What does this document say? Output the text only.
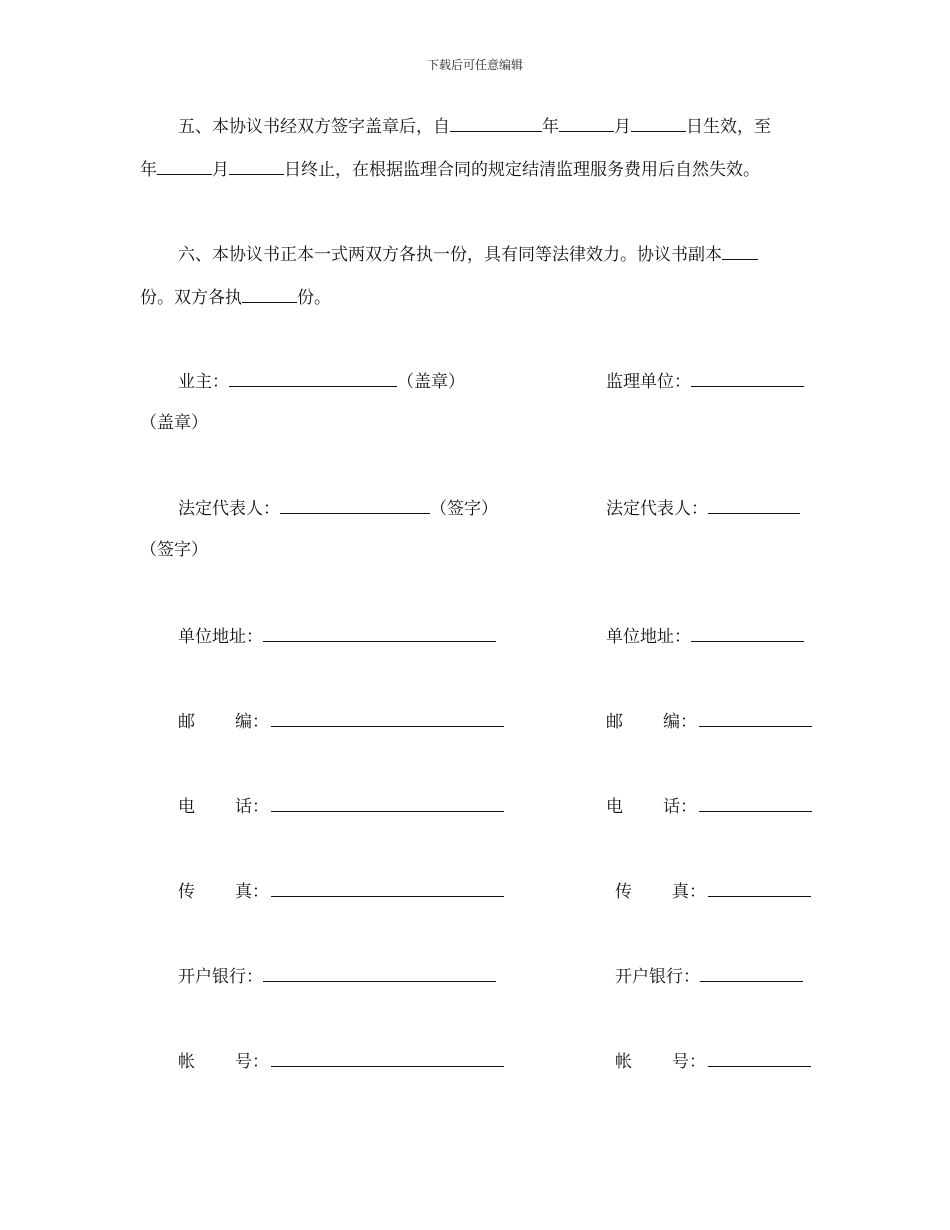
下载后可任意编辑
五、本协议书经双方签字盖章后，自	年	月	日生效，至
年	月	日终止，在根据监理合同的规定结清监理服务费用后自然失效。
六、本协议书正本一式两双方各执一份，具有同等法律效力。协议书副本
份。双方各执	份。
业主：	（盖章）	监理单位：
（盖章）
法定代表人：	（签字）	法定代表人：
（签字）
单位地址：	单位地址：
邮 编：	邮 编：
电 话：	电 话：
传 真：	传 真：
开户银行：	开户银行：
帐 号：	帐 号：
